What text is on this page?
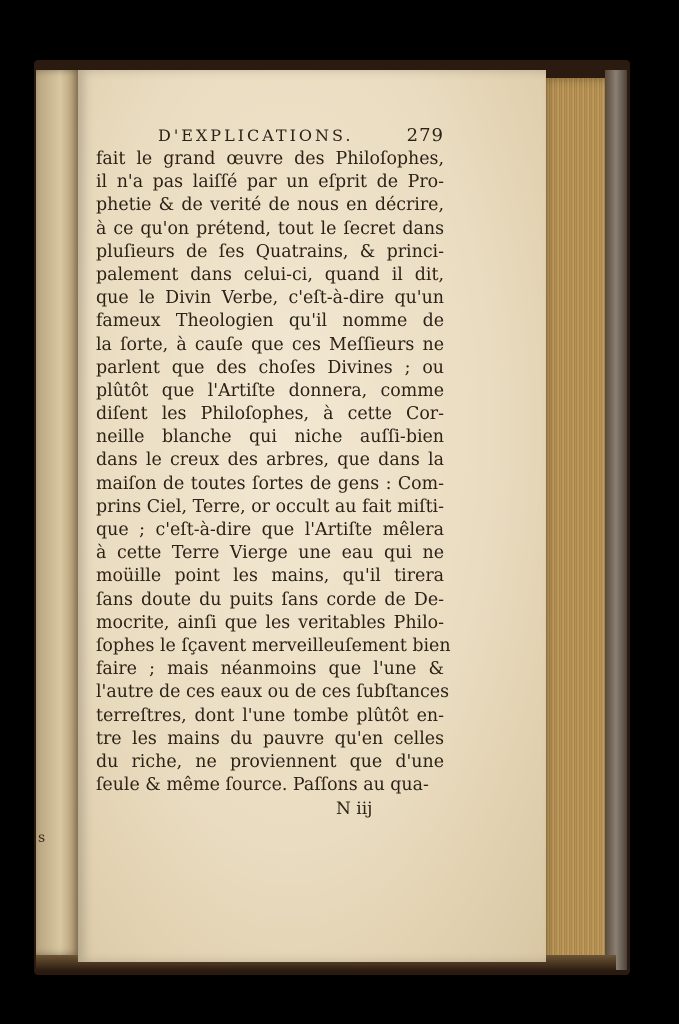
s
D'EXPLICATIONS.	279
fait le grand œuvre des Philoſophes,
il n'a pas laiſſé par un eſprit de Pro-
phetie & de verité de nous en décrire,
à ce qu'on prétend, tout le ſecret dans
pluſieurs de ſes Quatrains, & princi-
palement dans celui-ci, quand il dit,
que le Divin Verbe, c'eſt-à-dire qu'un
fameux Theologien qu'il nomme de
la ſorte, à cauſe que ces Meſſieurs ne
parlent que des choſes Divines ; ou
plûtôt que l'Artiſte donnera, comme
diſent les Philoſophes, à cette Cor-
neille blanche qui niche auſſi-bien
dans le creux des arbres, que dans la
maiſon de toutes ſortes de gens : Com-
prins Ciel, Terre, or occult au fait miſti-
que ; c'eſt-à-dire que l'Artiſte mêlera
à cette Terre Vierge une eau qui ne
moüille point les mains, qu'il tirera
ſans doute du puits ſans corde de De-
mocrite, ainſi que les veritables Philo-
ſophes le ſçavent merveilleuſement bien
faire ; mais néanmoins que l'une &
l'autre de ces eaux ou de ces ſubſtances
terreſtres, dont l'une tombe plûtôt en-
tre les mains du pauvre qu'en celles
du riche, ne proviennent que d'une
ſeule & même ſource. Paſſons au qua-
N iij
